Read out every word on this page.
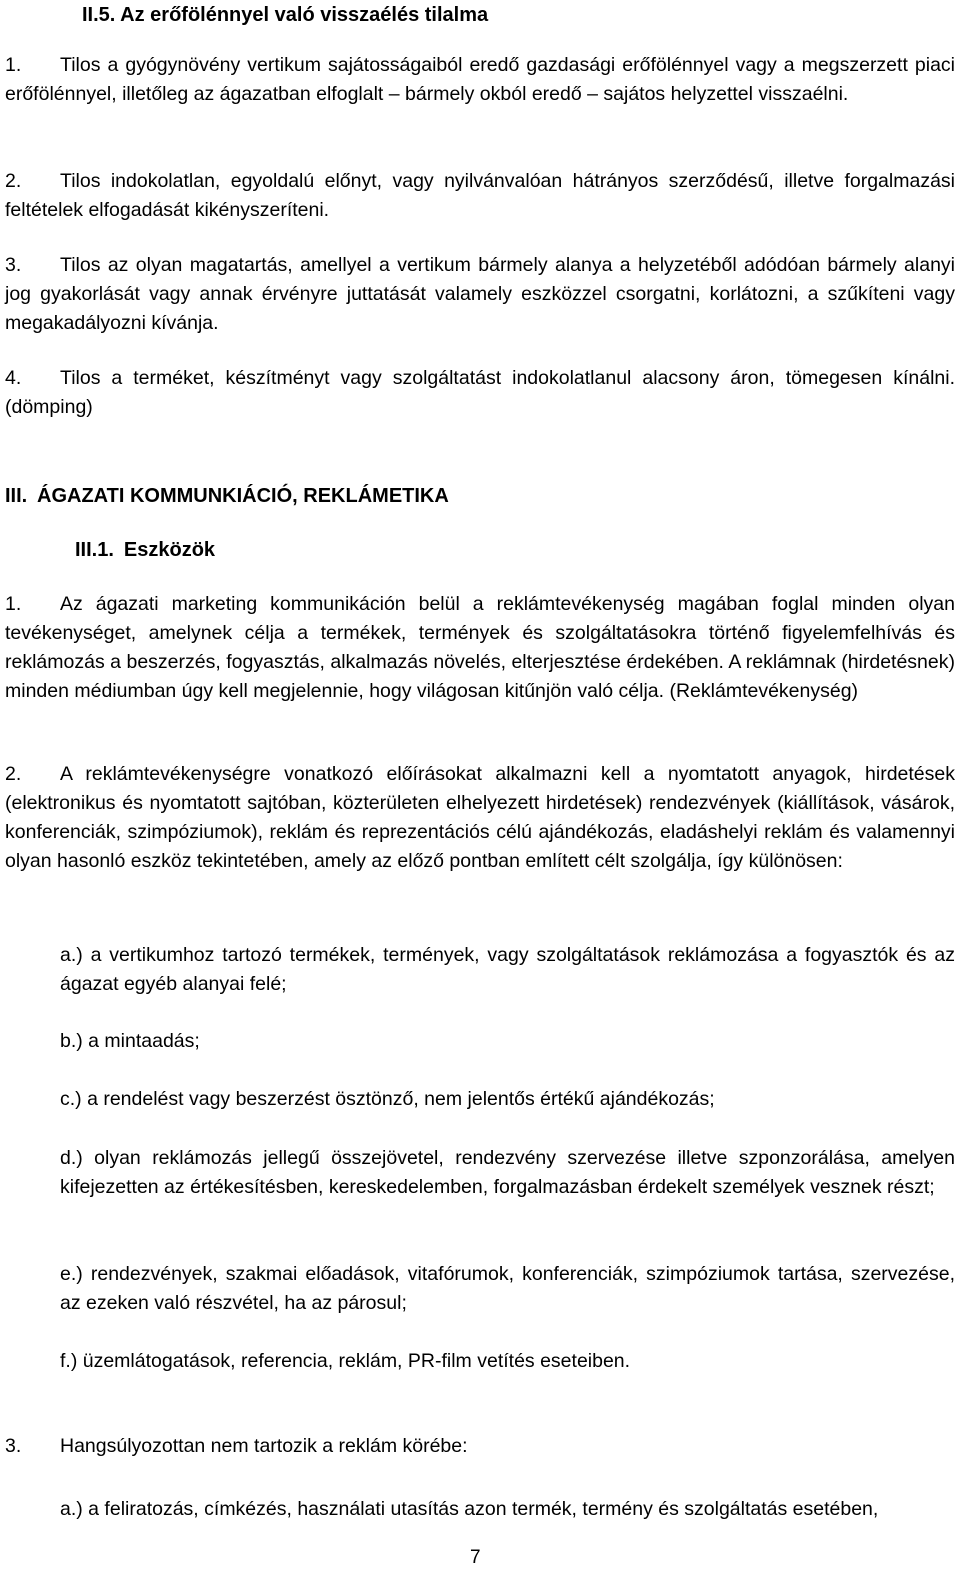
II.5. Az erőfölénnyel való visszaélés tilalma
1. Tilos a gyógynövény vertikum sajátosságaiból eredő gazdasági erőfölénnyel vagy a megszerzett piaci erőfölénnyel, illetőleg az ágazatban elfoglalt – bármely okból eredő – sajátos helyzettel visszaélni.
2. Tilos indokolatlan, egyoldalú előnyt, vagy nyilvánvalóan hátrányos szerződésű, illetve forgalmazási feltételek elfogadását kikényszeríteni.
3. Tilos az olyan magatartás, amellyel a vertikum bármely alanya a helyzetéből adódóan bármely alanyi jog gyakorlását vagy annak érvényre juttatását valamely eszközzel csorgatni, korlátozni, a szűkíteni vagy megakadályozni kívánja.
4. Tilos a terméket, készítményt vagy szolgáltatást indokolatlanul alacsony áron, tömegesen kínálni. (dömping)
III. ÁGAZATI KOMMUNKIÁCIÓ, REKLÁMETIKA
III.1. Eszközök
1. Az ágazati marketing kommunikáción belül a reklámtevékenység magában foglal minden olyan tevékenységet, amelynek célja a termékek, termények és szolgáltatásokra történő figyelemfelhívás és reklámozás a beszerzés, fogyasztás, alkalmazás növelés, elterjesztése érdekében. A reklámnak (hirdetésnek) minden médiumban úgy kell megjelennie, hogy világosan kitűnjön való célja. (Reklámtevékenység)
2. A reklámtevékenységre vonatkozó előírásokat alkalmazni kell a nyomtatott anyagok, hirdetések (elektronikus és nyomtatott sajtóban, közterületen elhelyezett hirdetések) rendezvények (kiállítások, vásárok, konferenciák, szimpóziumok), reklám és reprezentációs célú ajándékozás, eladáshelyi reklám és valamennyi olyan hasonló eszköz tekintetében, amely az előző pontban említett célt szolgálja, így különösen:
a.) a vertikumhoz tartozó termékek, termények, vagy szolgáltatások reklámozása a fogyasztók és az ágazat egyéb alanyai felé;
b.) a mintaadás;
c.) a rendelést vagy beszerzést ösztönző, nem jelentős értékű ajándékozás;
d.) olyan reklámozás jellegű összejövetel, rendezvény szervezése illetve szponzorálása, amelyen kifejezetten az értékesítésben, kereskedelemben, forgalmazásban érdekelt személyek vesznek részt;
e.) rendezvények, szakmai előadások, vitafórumok, konferenciák, szimpóziumok tartása, szervezése, az ezeken való részvétel, ha az párosul;
f.) üzemlátogatások, referencia, reklám, PR-film vetítés eseteiben.
3. Hangsúlyozottan nem tartozik a reklám körébe:
a.) a feliratozás, címkézés, használati utasítás azon termék, termény és szolgáltatás esetében,
7
